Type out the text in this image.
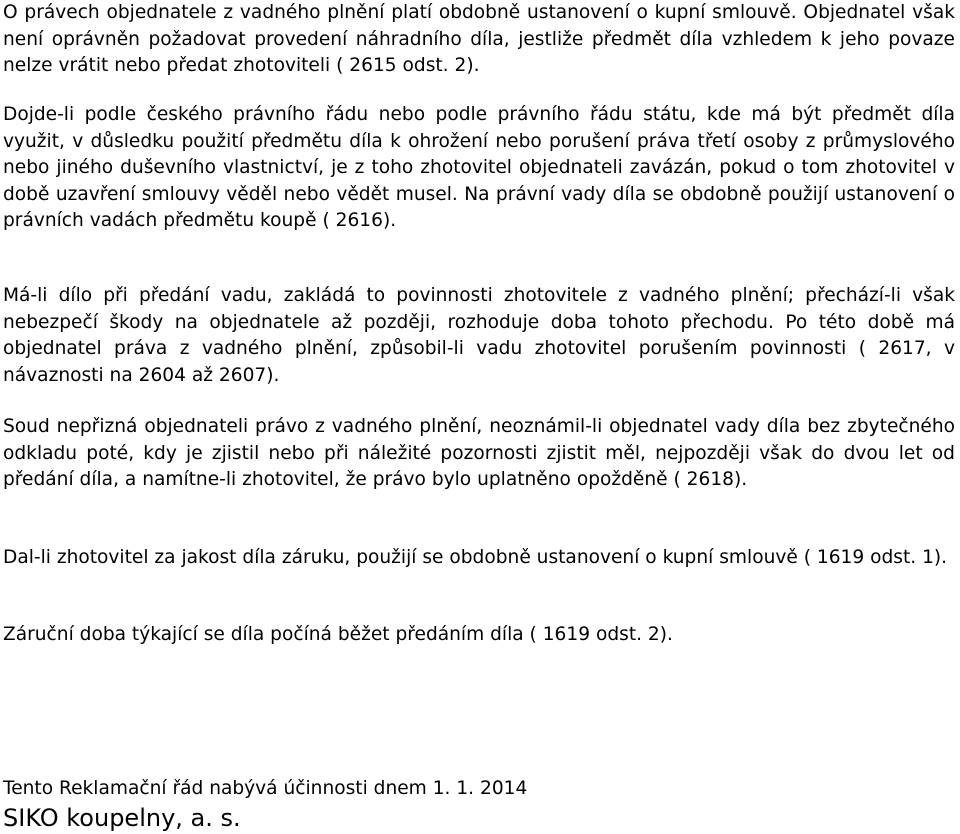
O právech objednatele z vadného plnění platí obdobně ustanovení o kupní smlouvě. Objednatel však není oprávněn požadovat provedení náhradního díla, jestliže předmět díla vzhledem k jeho povaze nelze vrátit nebo předat zhotoviteli ( 2615 odst. 2).

Dojde-li podle českého právního řádu nebo podle právního řádu státu, kde má být předmět díla využit, v důsledku použití předmětu díla k ohrožení nebo porušení práva třetí osoby z průmyslového nebo jiného duševního vlastnictví, je z toho zhotovitel objednateli zavázán, pokud o tom zhotovitel v době uzavření smlouvy věděl nebo vědět musel. Na právní vady díla se obdobně použijí ustanovení o právních vadách předmětu koupě ( 2616).

Má-li dílo při předání vadu, zakládá to povinnosti zhotovitele z vadného plnění; přechází-li však nebezpečí škody na objednatele až později, rozhoduje doba tohoto přechodu. Po této době má objednatel práva z vadného plnění, způsobil-li vadu zhotovitel porušením povinnosti ( 2617, v návaznosti na 2604 až 2607).

Soud nepřizná objednateli právo z vadného plnění, neoznámil-li objednatel vady díla bez zbytečného odkladu poté, kdy je zjistil nebo při náležité pozornosti zjistit měl, nejpozději však do dvou let od předání díla, a namítne-li zhotovitel, že právo bylo uplatněno opožděně ( 2618).

Dal-li zhotovitel za jakost díla záruku, použijí se obdobně ustanovení o kupní smlouvě ( 1619 odst. 1).

Záruční doba týkající se díla počíná běžet předáním díla ( 1619 odst. 2).

Tento Reklamační řád nabývá účinnosti dnem 1. 1. 2014

SIKO koupelny, a. s.
